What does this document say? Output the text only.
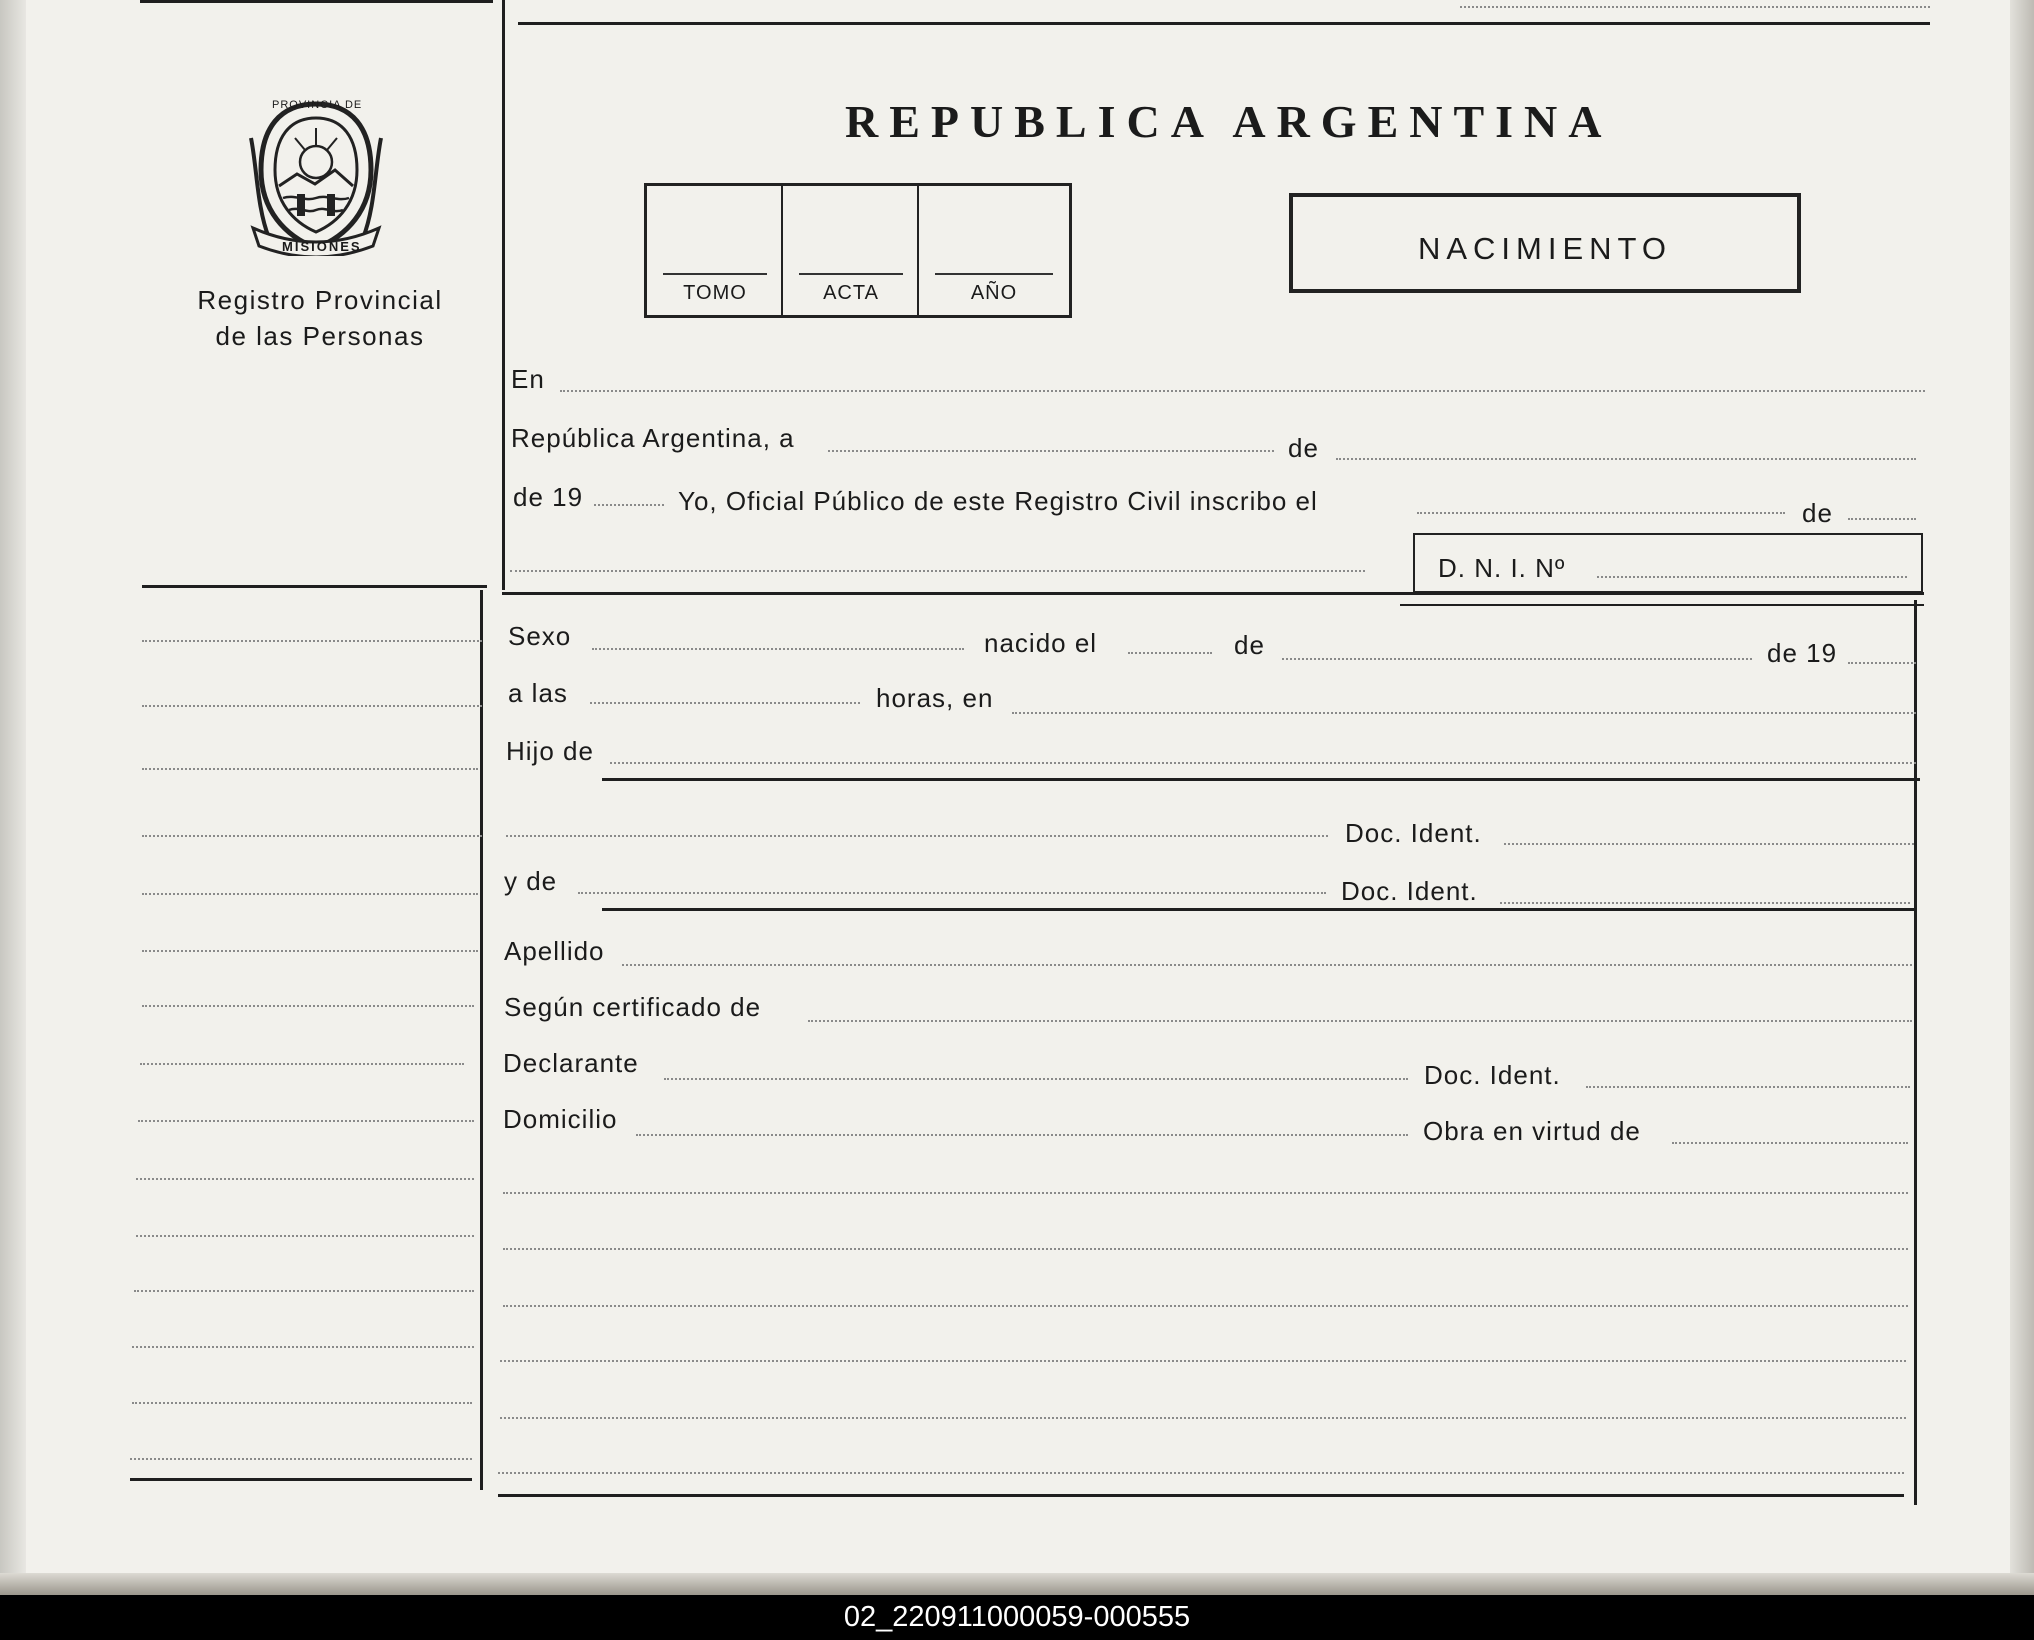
PROVINCIA DE
MISIONES
Registro Provincial
de las Personas
REPUBLICA ARGENTINA
TOMO	ACTA	AÑO
NACIMIENTO
En
República Argentina, a	de
de 19	Yo, Oficial Público de este Registro Civil inscribo el	de
D. N. I. Nº
Sexo	nacido el	de	de 19
a las	horas, en
Hijo de
Doc. Ident.
y de	Doc. Ident.
Apellido
Según certificado de
Declarante	Doc. Ident.
Domicilio	Obra en virtud de
02_220911000059-000555
